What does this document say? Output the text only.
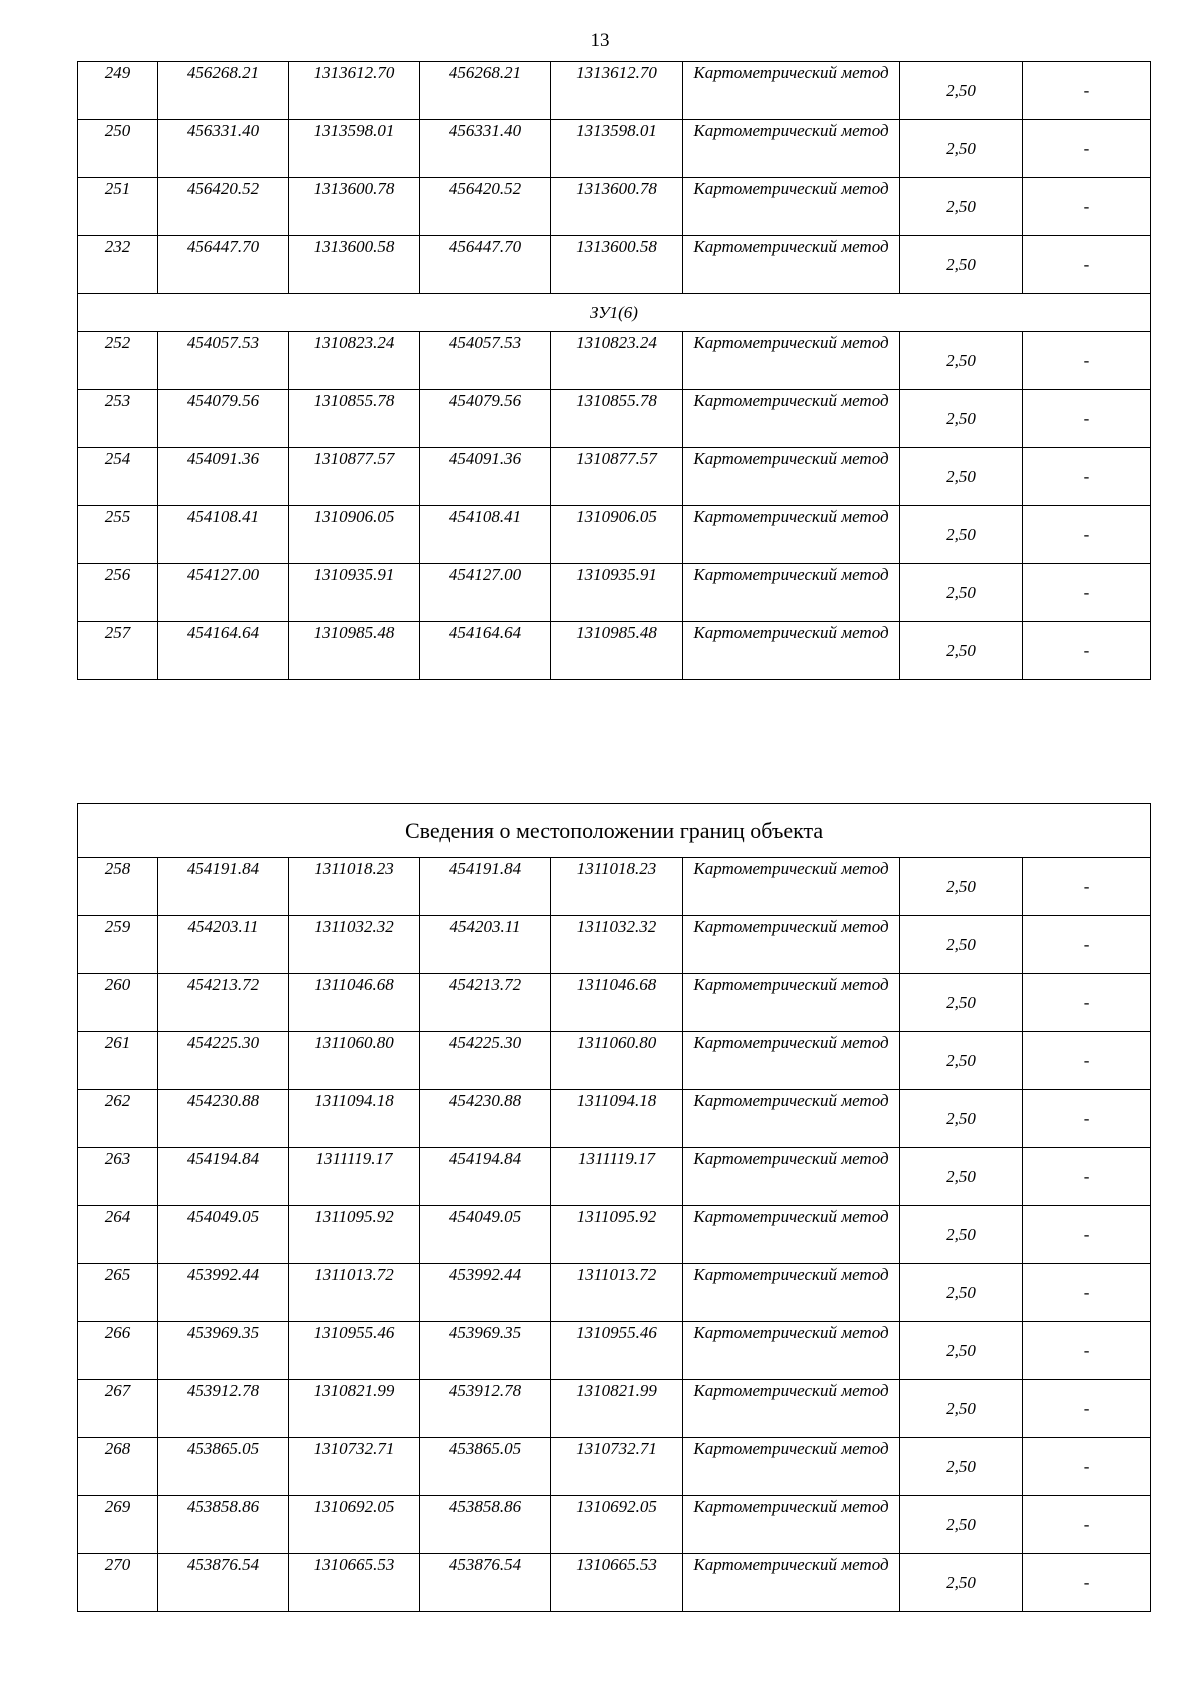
13
249	456268.21	1313612.70	456268.21	1313612.70	Картометрический метод	2,50	-
250	456331.40	1313598.01	456331.40	1313598.01	Картометрический метод	2,50	-
251	456420.52	1313600.78	456420.52	1313600.78	Картометрический метод	2,50	-
232	456447.70	1313600.58	456447.70	1313600.58	Картометрический метод	2,50	-
ЗУ1(6)							
252	454057.53	1310823.24	454057.53	1310823.24	Картометрический метод	2,50	-
253	454079.56	1310855.78	454079.56	1310855.78	Картометрический метод	2,50	-
254	454091.36	1310877.57	454091.36	1310877.57	Картометрический метод	2,50	-
255	454108.41	1310906.05	454108.41	1310906.05	Картометрический метод	2,50	-
256	454127.00	1310935.91	454127.00	1310935.91	Картометрический метод	2,50	-
257	454164.64	1310985.48	454164.64	1310985.48	Картометрический метод	2,50	-
Сведения о местоположении границ объекта							
258	454191.84	1311018.23	454191.84	1311018.23	Картометрический метод	2,50	-
259	454203.11	1311032.32	454203.11	1311032.32	Картометрический метод	2,50	-
260	454213.72	1311046.68	454213.72	1311046.68	Картометрический метод	2,50	-
261	454225.30	1311060.80	454225.30	1311060.80	Картометрический метод	2,50	-
262	454230.88	1311094.18	454230.88	1311094.18	Картометрический метод	2,50	-
263	454194.84	1311119.17	454194.84	1311119.17	Картометрический метод	2,50	-
264	454049.05	1311095.92	454049.05	1311095.92	Картометрический метод	2,50	-
265	453992.44	1311013.72	453992.44	1311013.72	Картометрический метод	2,50	-
266	453969.35	1310955.46	453969.35	1310955.46	Картометрический метод	2,50	-
267	453912.78	1310821.99	453912.78	1310821.99	Картометрический метод	2,50	-
268	453865.05	1310732.71	453865.05	1310732.71	Картометрический метод	2,50	-
269	453858.86	1310692.05	453858.86	1310692.05	Картометрический метод	2,50	-
270	453876.54	1310665.53	453876.54	1310665.53	Картометрический метод	2,50	-
